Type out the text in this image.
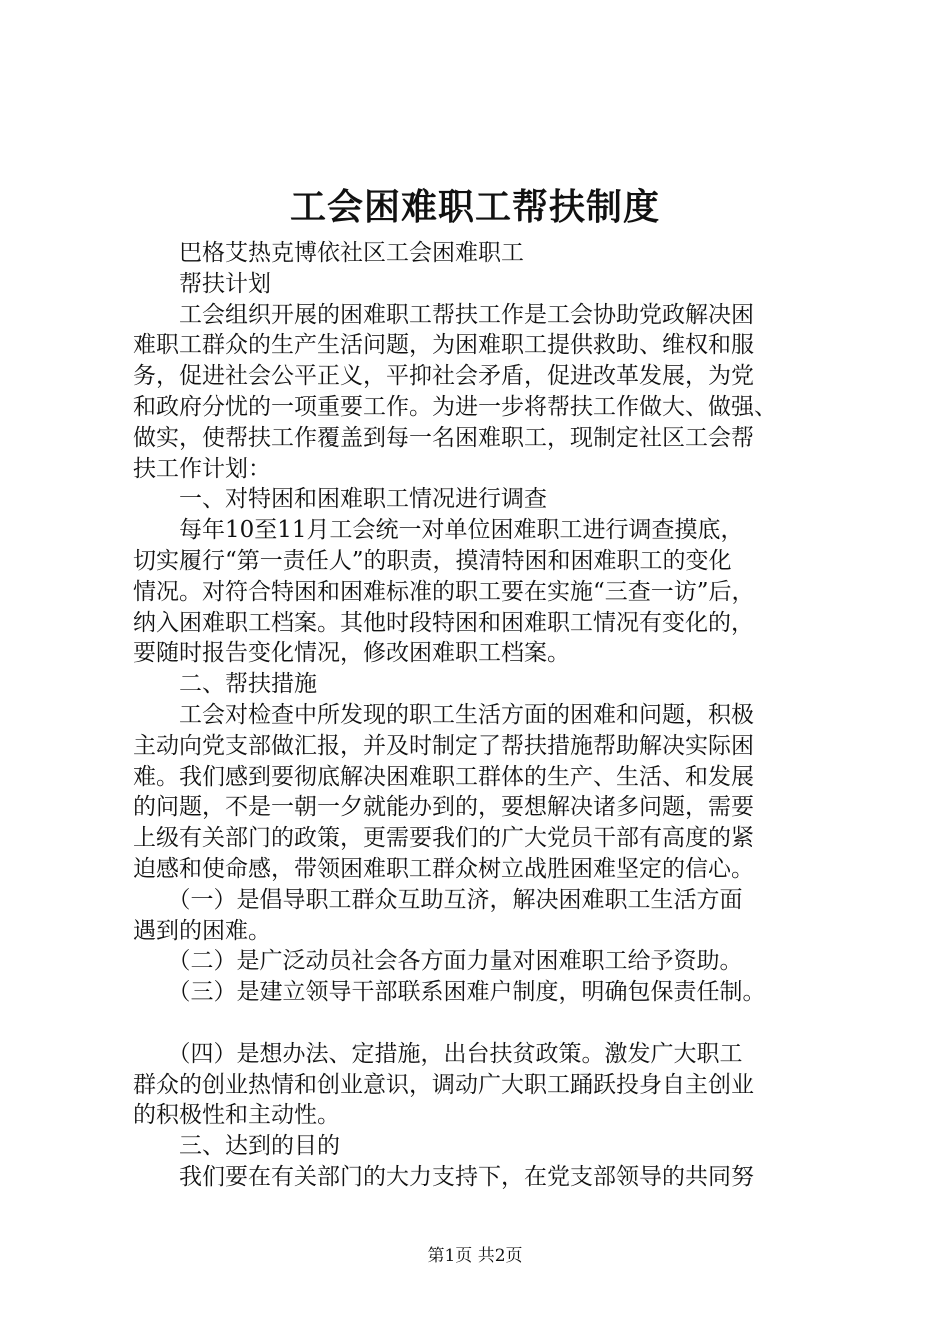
工会困难职工帮扶制度
　　巴格艾热克博依社区工会困难职工
　　帮扶计划
　　工会组织开展的困难职工帮扶工作是工会协助党政解决困
难职工群众的生产生活问题，为困难职工提供救助、维权和服
务，促进社会公平正义，平抑社会矛盾，促进改革发展，为党
和政府分忧的一项重要工作。为进一步将帮扶工作做大、做强、
做实，使帮扶工作覆盖到每一名困难职工，现制定社区工会帮
扶工作计划：
　　一、对特困和困难职工情况进行调查
　　每年10至11月工会统一对单位困难职工进行调查摸底，
切实履行“第一责任人”的职责，摸清特困和困难职工的变化
情况。对符合特困和困难标准的职工要在实施“三查一访”后，
纳入困难职工档案。其他时段特困和困难职工情况有变化的，
要随时报告变化情况，修改困难职工档案。
　　二、帮扶措施
　　工会对检查中所发现的职工生活方面的困难和问题，积极
主动向党支部做汇报，并及时制定了帮扶措施帮助解决实际困
难。我们感到要彻底解决困难职工群体的生产、生活、和发展
的问题，不是一朝一夕就能办到的，要想解决诸多问题，需要
上级有关部门的政策，更需要我们的广大党员干部有高度的紧
迫感和使命感，带领困难职工群众树立战胜困难坚定的信心。
　　（一）是倡导职工群众互助互济，解决困难职工生活方面
遇到的困难。
　　（二）是广泛动员社会各方面力量对困难职工给予资助。
　　（三）是建立领导干部联系困难户制度，明确包保责任制。
　　（四）是想办法、定措施，出台扶贫政策。激发广大职工
群众的创业热情和创业意识，调动广大职工踊跃投身自主创业
的积极性和主动性。
　　三、达到的目的
　　我们要在有关部门的大力支持下，在党支部领导的共同努
第1页 共2页
